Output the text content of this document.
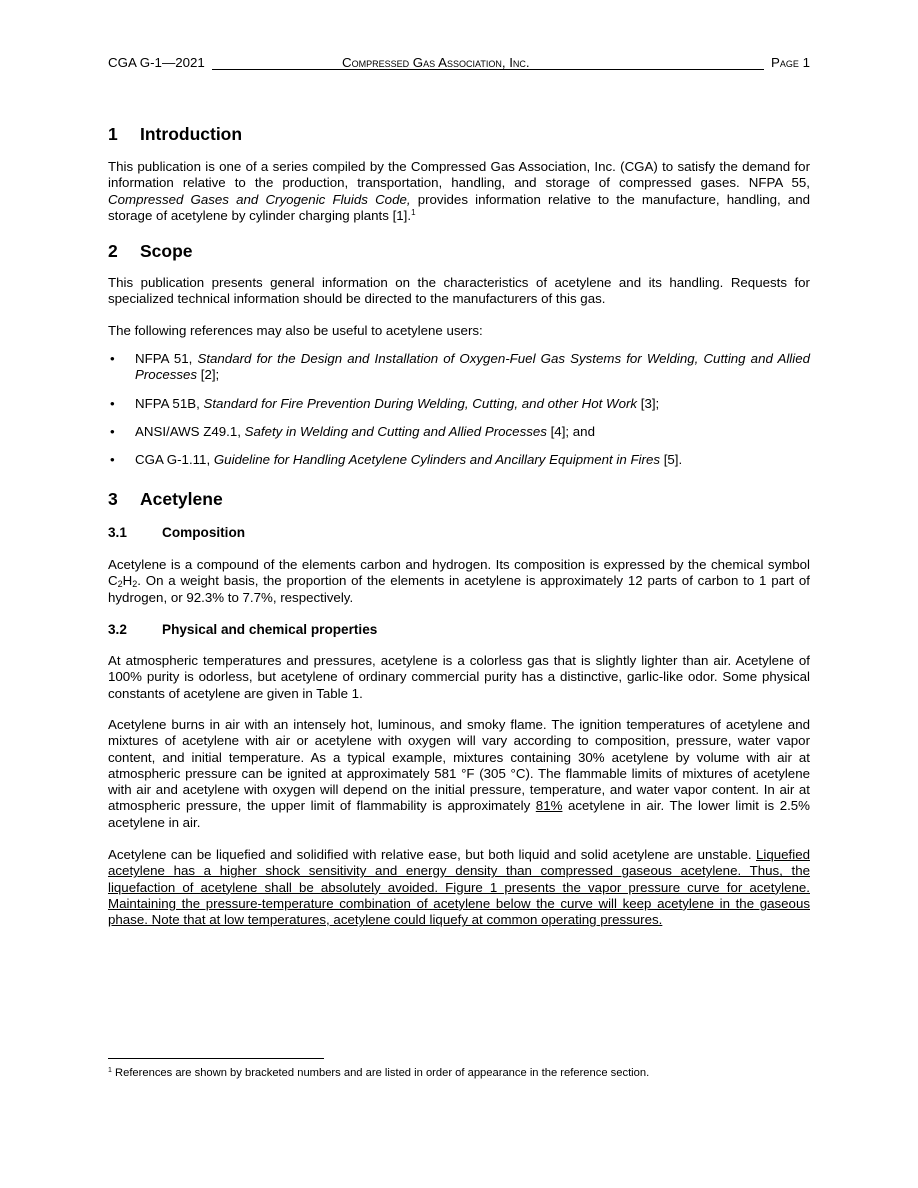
CGA G-1—2021	Compressed Gas Association, Inc.	Page 1
1 Introduction

This publication is one of a series compiled by the Compressed Gas Association, Inc. (CGA) to satisfy the demand for information relative to the production, transportation, handling, and storage of compressed gases. NFPA 55, Compressed Gases and Cryogenic Fluids Code, provides information relative to the manufacture, handling, and storage of acetylene by cylinder charging plants [1].$^1$

2 Scope

This publication presents general information on the characteristics of acetylene and its handling. Requests for specialized technical information should be directed to the manufacturers of this gas.

The following references may also be useful to acetylene users:

• NFPA 51, Standard for the Design and Installation of Oxygen-Fuel Gas Systems for Welding, Cutting and Allied Processes [2];
• NFPA 51B, Standard for Fire Prevention During Welding, Cutting, and other Hot Work [3];
• ANSI/AWS Z49.1, Safety in Welding and Cutting and Allied Processes [4]; and
• CGA G-1.11, Guideline for Handling Acetylene Cylinders and Ancillary Equipment in Fires [5].
3 Acetylene
3.1	Composition

Acetylene is a compound of the elements carbon and hydrogen. Its composition is expressed by the chemical symbol $C_2H_2$. On a weight basis, the proportion of the elements in acetylene is approximately 12 parts of carbon to 1 part of hydrogen, or 92.3% to 7.7%, respectively.

3.2	Physical and chemical properties

At atmospheric temperatures and pressures, acetylene is a colorless gas that is slightly lighter than air. Acetylene of 100% purity is odorless, but acetylene of ordinary commercial purity has a distinctive, garlic-like odor. Some physical constants of acetylene are given in Table 1.

Acetylene burns in air with an intensely hot, luminous, and smoky flame. The ignition temperatures of acetylene and mixtures of acetylene with air or acetylene with oxygen will vary according to composition, pressure, water vapor content, and initial temperature. As a typical example, mixtures containing 30% acetylene by volume with air at atmospheric pressure can be ignited at approximately 581 °F (305 °C). The flammable limits of mixtures of acetylene with air and acetylene with oxygen will depend on the initial pressure, temperature, and water vapor content. In air at atmospheric pressure, the upper limit of flammability is approximately 81% acetylene in air. The lower limit is 2.5% acetylene in air.

Acetylene can be liquefied and solidified with relative ease, but both liquid and solid acetylene are unstable. Liquefied acetylene has a higher shock sensitivity and energy density than compressed gaseous acetylene. Thus, the liquefaction of acetylene shall be absolutely avoided. Figure 1 presents the vapor pressure curve for acetylene. Maintaining the pressure-temperature combination of acetylene below the curve will keep acetylene in the gaseous phase. Note that at low temperatures, acetylene could liquefy at common operating pressures.

$^1$ References are shown by bracketed numbers and are listed in order of appearance in the reference section.
